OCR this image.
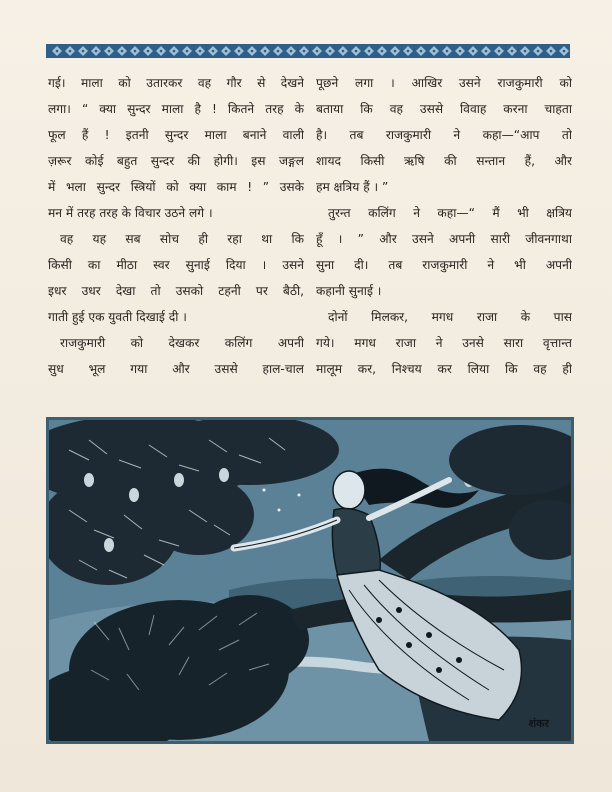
गई। माला को उतारकर वह गौर से देखने
लगा। “ क्या सुन्दर माला है ! कितने तरह के
फूल हैं ! इतनी सुन्दर माला बनाने वाली
ज़रूर कोई बहुत सुन्दर की होगी। इस जङ्गल
में भला सुन्दर स्त्रियों को क्या काम ! ” उसके
मन में तरह तरह के विचार उठने लगे ।
वह यह सब सोच ही रहा था कि
किसी का मीठा स्वर सुनाई दिया । उसने
इधर उधर देखा तो उसको टहनी पर बैठी,
गाती हुई एक युवती दिखाई दी ।
राजकुमारी को देखकर कलिंग अपनी
सुध भूल गया और उससे हाल-चाल
पूछने लगा । आखिर उसने राजकुमारी को
बताया कि वह उससे विवाह करना चाहता
है। तब राजकुमारी ने कहा—“आप तो
शायद किसी ऋषि की सन्तान हैं, और
हम क्षत्रिय हैं । ”
तुरन्त कलिंग ने कहा—“ मैं भी क्षत्रिय
हूँ । ” और उसने अपनी सारी जीवनगाथा
सुना दी। तब राजकुमारी ने भी अपनी
कहानी सुनाई ।
दोनों मिलकर, मगध राजा के पास
गये। मगध राजा ने उनसे सारा वृत्तान्त
मालूम कर, निश्चय कर लिया कि वह ही
शंकर
